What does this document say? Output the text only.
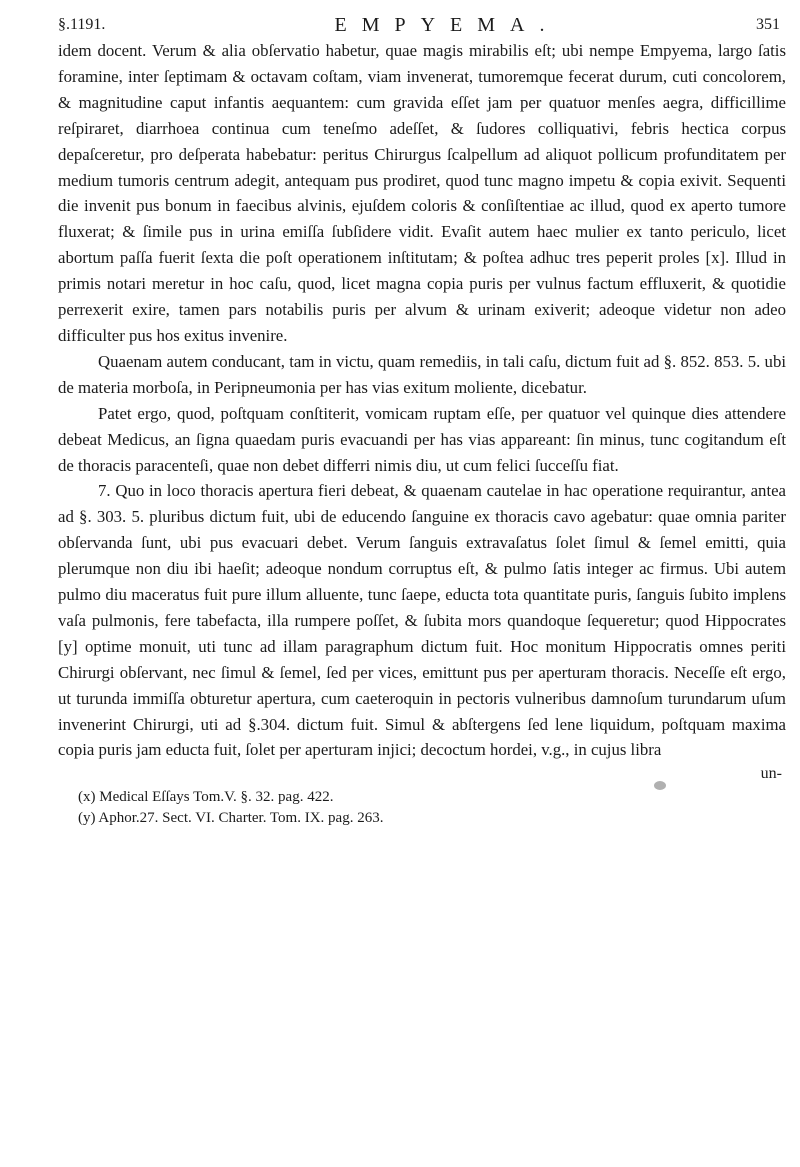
§.1191.	EMPYEMA.	351

idem docent. Verum & alia obſervatio habetur, quae magis mirabilis eſt; ubi nempe Empyema, largo ſatis foramine, inter ſeptimam & octavam coſtam, viam invenerat, tumoremque fecerat durum, cuti concolorem, & magnitudine caput infantis aequantem: cum gravida eſſet jam per quatuor menſes aegra, difficillime reſpiraret, diarrhoea continua cum teneſmo adeſſet, & ſudores colliquativi, febris hectica corpus depaſceretur, pro deſperata habebatur: peritus Chirurgus ſcalpellum ad aliquot pollicum profunditatem per medium tumoris centrum adegit, antequam pus prodiret, quod tunc magno impetu & copia exivit. Sequenti die invenit pus bonum in faecibus alvinis, ejuſdem coloris & conſiſtentiae ac illud, quod ex aperto tumore fluxerat; & ſimile pus in urina emiſſa ſubſidere vidit. Evaſit autem haec mulier ex tanto periculo, licet abortum paſſa fuerit ſexta die poſt operationem inſtitutam; & poſtea adhuc tres peperit proles [x]. Illud in primis notari meretur in hoc caſu, quod, licet magna copia puris per vulnus factum effluxerit, & quotidie perrexerit exire, tamen pars notabilis puris per alvum & urinam exiverit; adeoque videtur non adeo difficulter pus hos exitus invenire.

Quaenam autem conducant, tam in victu, quam remediis, in tali caſu, dictum fuit ad §. 852. 853. 5. ubi de materia morboſa, in Peripneumonia per has vias exitum moliente, dicebatur.

Patet ergo, quod, poſtquam conſtiterit, vomicam ruptam eſſe, per quatuor vel quinque dies attendere debeat Medicus, an ſigna quaedam puris evacuandi per has vias appareant: ſin minus, tunc cogitandum eſt de thoracis paracenteſi, quae non debet differri nimis diu, ut cum felici ſucceſſu fiat.

7. Quo in loco thoracis apertura fieri debeat, & quaenam cautelae in hac operatione requirantur, antea ad §. 303. 5. pluribus dictum fuit, ubi de educendo ſanguine ex thoracis cavo agebatur: quae omnia pariter obſervanda ſunt, ubi pus evacuari debet. Verum ſanguis extravaſatus ſolet ſimul & ſemel emitti, quia plerumque non diu ibi haeſit; adeoque nondum corruptus eſt, & pulmo ſatis integer ac firmus. Ubi autem pulmo diu maceratus fuit pure illum alluente, tunc ſaepe, educta tota quantitate puris, ſanguis ſubito implens vaſa pulmonis, fere tabefacta, illa rumpere poſſet, & ſubita mors quandoque ſequeretur; quod Hippocrates [y] optime monuit, uti tunc ad illam paragraphum dictum fuit. Hoc monitum Hippocratis omnes periti Chirurgi obſervant, nec ſimul & ſemel, ſed per vices, emittunt pus per aperturam thoracis. Neceſſe eſt ergo, ut turunda immiſſa obturetur apertura, cum caeteroquin in pectoris vulneribus damnoſum turundarum uſum invenerint Chirurgi, uti ad §.304. dictum fuit. Simul & abſtergens ſed lene liquidum, poſtquam maxima copia puris jam educta fuit, ſolet per aperturam injici; decoctum hordei, v.g., in cujus libra

un-
(x) Medical Eſſays Tom.V. §. 32. pag. 422.
(y) Aphor.27. Sect. VI. Charter. Tom. IX. pag. 263.
